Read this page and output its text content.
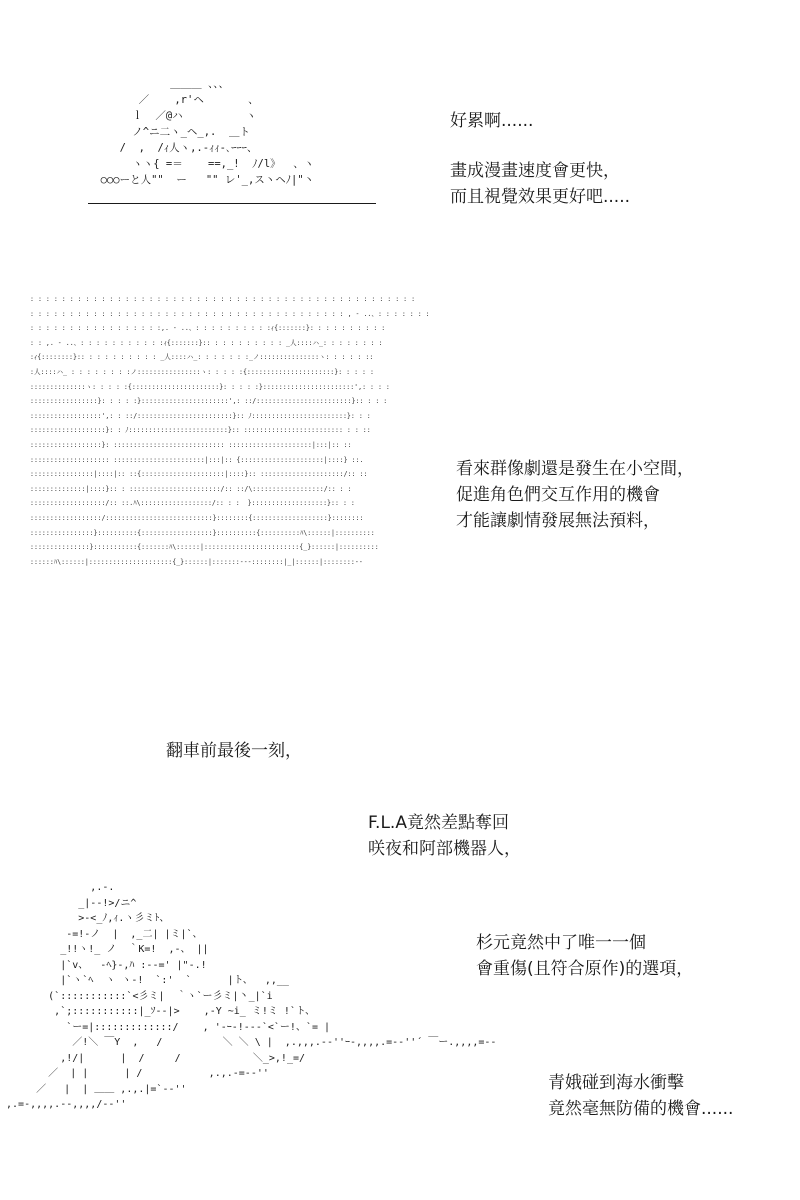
＿＿＿ 、、、
／    ,r'ヘ       、
ｌ  ／@ハ          ヽ
ノ^ニ二ヽ_ヘ_,.  ＿ト
/  ,  /ｨ人ヽ,.-ｨｨ-､ｰｰｰ、
ヽヽ{ =＝    ==,_!  ﾉ/l》  、ヽ
○○○ーと人""  ー   "" レ'_,ス丶ヘﾉ|"丶
好累啊......
畫成漫畫速度會更快，
而且視覺效果更好吧.....
: : : : : : : : : : : : : : : : : : : : : : : : : : : : : : : : : : : : : : : : : : : : : : : : :
: : : : : : : : : : : : : : : : : : : : : : : : : : : : : : : : : : : : : : : : , - ..、: : : : : : :
: : : : : : : : : : : : : : : : :,. - ..、: : : : : : : : : :ｨ{:::::::}: : : : : : : : : :
: : ,. - ..、: : : : : : : : : : :ｨ{:::::::}:: : : : : : : : : : _人::::ハ_: : : : : : : :
:ｨ{::::::::}:: : : : : : : : : : _人::::ハ_: : : : : : :_ノ:::::::::::::::ヽ: : : : : ::
:人::::ハ_ : : : : : : : :ノ::::::::::::::::ヽ: : : : :{::::::::::::::::::::::}: : : : :
::::::::::::::ヽ: : : : :{::::::::::::::::::::::}: : : : :}:::::::::::::::::::::::',: : : :
:::::::::::::::::}: : : : :}::::::::::::::::::::::',: ::/::::::::::::::::::::::::}:: : : :
::::::::::::::::::',: : ::/::::::::::::::::::::::::}:: ﾉ::::::::::::::::::::::::}: : :
:::::::::::::::::::}: : ﾉ:::::::::::::::::::::::::}:: ::::::::::::::::::::::::: : : ::
::::::::::::::::::}: :::::::::::::::::::::::::::: :::::::::::::::::::::|:::|:: ::
:::::::::::::::::::: :::::::::::::::::::::::|:::|:: {:::::::::::::::::::::|::::} ::.
::::::::::::::::|::::|:: ::{:::::::::::::::::::::|::::}:: :::::::::::::::::::::/:: ::
::::::::::::::|::::}:: : :::::::::::::::::::::::/:: ::/\::::::::::::::::::/:: : :
:::::::::::::::::::/:: ::.ﾊ\::::::::::::::::::/:: : :  }:::::::::::::::::::}:: : :
::::::::::::::::::/:::::::::::::::::::::::::::}::::::::{:::::::::::::::::::}::::::::
::::::::::::::::}::::::::::{::::::::::::::::::}::::::::::{::::::::::ﾊ\::::::|::::::::::
:::::::::::::::}:::::::::::{:::::::ﾊ\::::::|::::::::::::::::::::::::{_}::::::|::::::::::
::::::ﾊ\::::::|:::::::::::::::::::::{_}::::::|:::::::---::::::::|_|::::::|::::::::--
看來群像劇還是發生在小空間，
促進角色們交互作用的機會
才能讓劇情發展無法預料，
翻車前最後一刻，
F.L.A竟然差點奪回
咲夜和阿部機器人，
,.-.
_|--!>/ニ^
>-<_ﾉ,ｨ.ヽ彡ミﾄ、
-=!-ノ  |  ,_二| |ミ|`、
_!!ヽ!_ ノ  ｀K=!  ,-、 ||
|`v、  -ﾍ}-,ﾊ :--=' |"-.!
|`ヽ`ﾍ  ヽ ヽ-!  `:'  `      |ト、  ,,__
(`:::::::::::`<彡ミ|  ｀ヽ`ー彡ミ|丶_|`i
,`;:::::::::::|_ｿ--|>    ,-Y ~i_ ミ!ミ !`ト、
`ー=|:::::::::::::/    , '-ｰ-!---`<`ー!、`= |
／!＼ ￣Y  ,   /          ＼ ＼ \ |  ,.,,,.-‐''ｰ-,,,,.=--''´ ￣ー.,,,,=--
,!/|      |  /     /            ＼_>,!_=/
／  | |      | /           ,.,.-=--''
／   |  | ＿＿ ,.,.|=`-‐''
,.=-,,,,.--,,,,/-‐''
杉元竟然中了唯一一個
會重傷(且符合原作)的選項，
青娥碰到海水衝擊
竟然毫無防備的機會......
